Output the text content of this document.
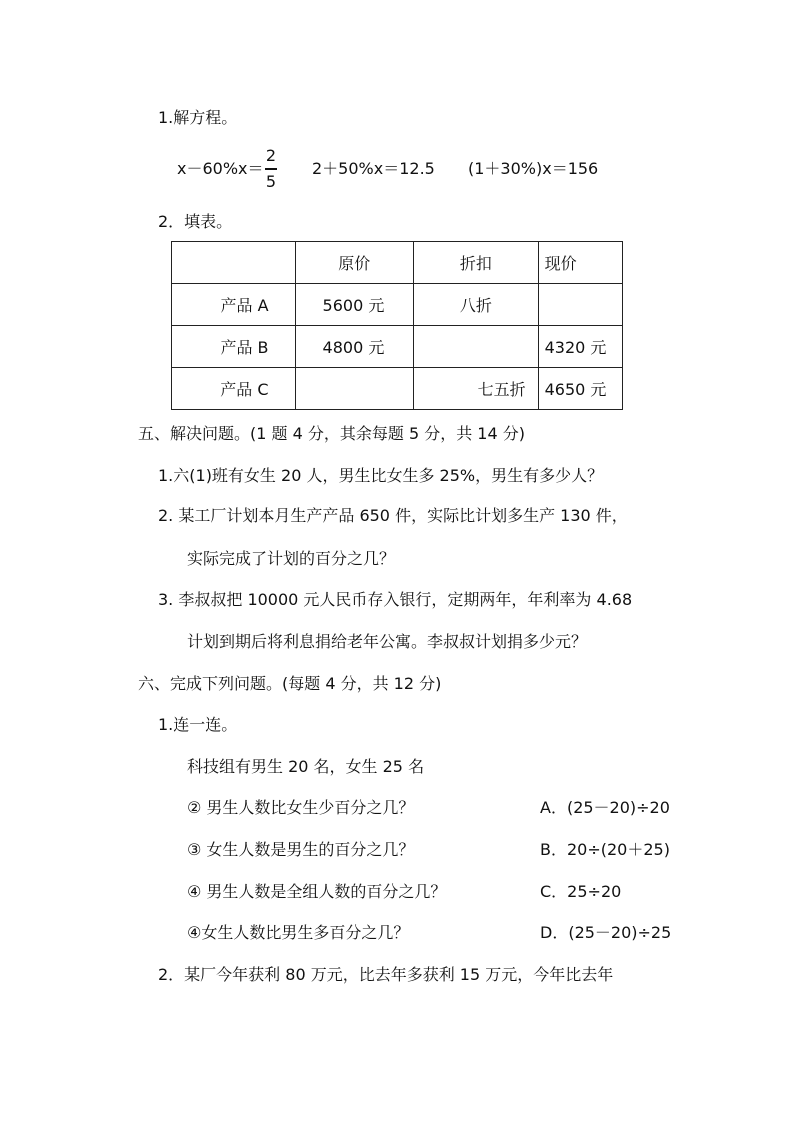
1.解方程。
x－60%x＝
2
5
2＋50%x＝12.5 (1＋30%)x＝156
2．填表。
	原价	折扣	现价
产品 A	5600 元	八折	
产品 B	4800 元		4320 元
产品 C		七五折	4650 元
五、解决问题。(1 题 4 分，其余每题 5 分，共 14 分)
1.六(1)班有女生 20 人，男生比女生多 25%，男生有多少人？
2. 某工厂计划本月生产产品 650 件，实际比计划多生产 130 件，
实际完成了计划的百分之几？
3. 李叔叔把 10000 元人民币存入银行，定期两年，年利率为 4.68
计划到期后将利息捐给老年公寓。李叔叔计划捐多少元？
六、完成下列问题。(每题 4 分，共 12 分)
1.连一连。
科技组有男生 20 名，女生 25 名
② 男生人数比女生少百分之几？	A．(25－20)÷20
③ 女生人数是男生的百分之几？	B．20÷(20＋25)
④ 男生人数是全组人数的百分之几？	C．25÷20
④女生人数比男生多百分之几？	D．(25－20)÷25
2．某厂今年获利 80 万元，比去年多获利 15 万元，今年比去年
